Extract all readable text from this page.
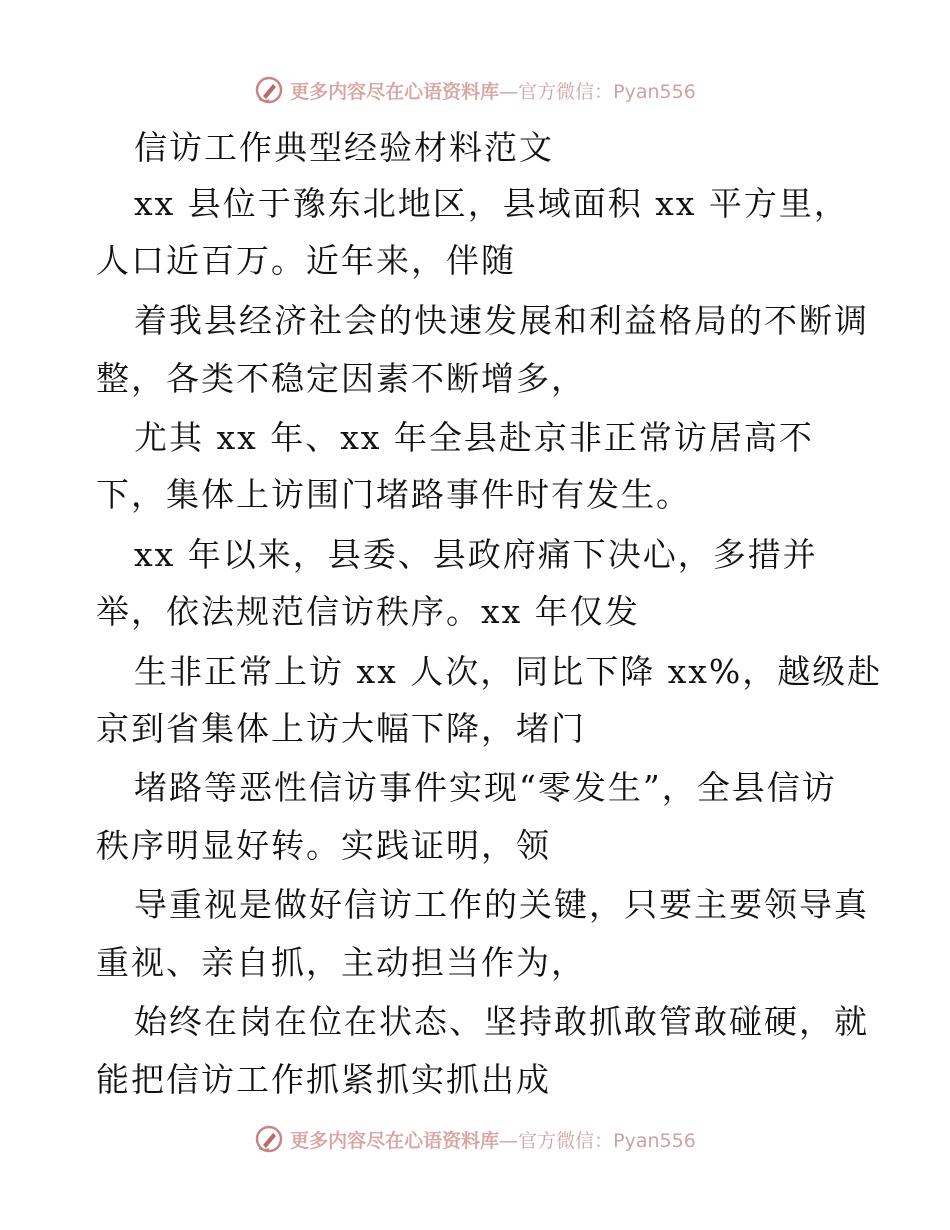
更多内容尽在心语资料库 —官方微信：Pyan556
信访工作典型经验材料范文
xx 县位于豫东北地区，县域面积 xx 平方里，
人口近百万。近年来，伴随
着我县经济社会的快速发展和利益格局的不断调
整，各类不稳定因素不断增多，
尤其 xx 年、xx 年全县赴京非正常访居高不
下，集体上访围门堵路事件时有发生。
xx 年以来，县委、县政府痛下决心，多措并
举，依法规范信访秩序。xx 年仅发
生非正常上访 xx 人次，同比下降 xx%，越级赴
京到省集体上访大幅下降，堵门
堵路等恶性信访事件实现“零发生”，全县信访
秩序明显好转。实践证明，领
导重视是做好信访工作的关键，只要主要领导真
重视、亲自抓，主动担当作为，
始终在岗在位在状态、坚持敢抓敢管敢碰硬，就
能把信访工作抓紧抓实抓出成
更多内容尽在心语资料库 —官方微信：Pyan556
